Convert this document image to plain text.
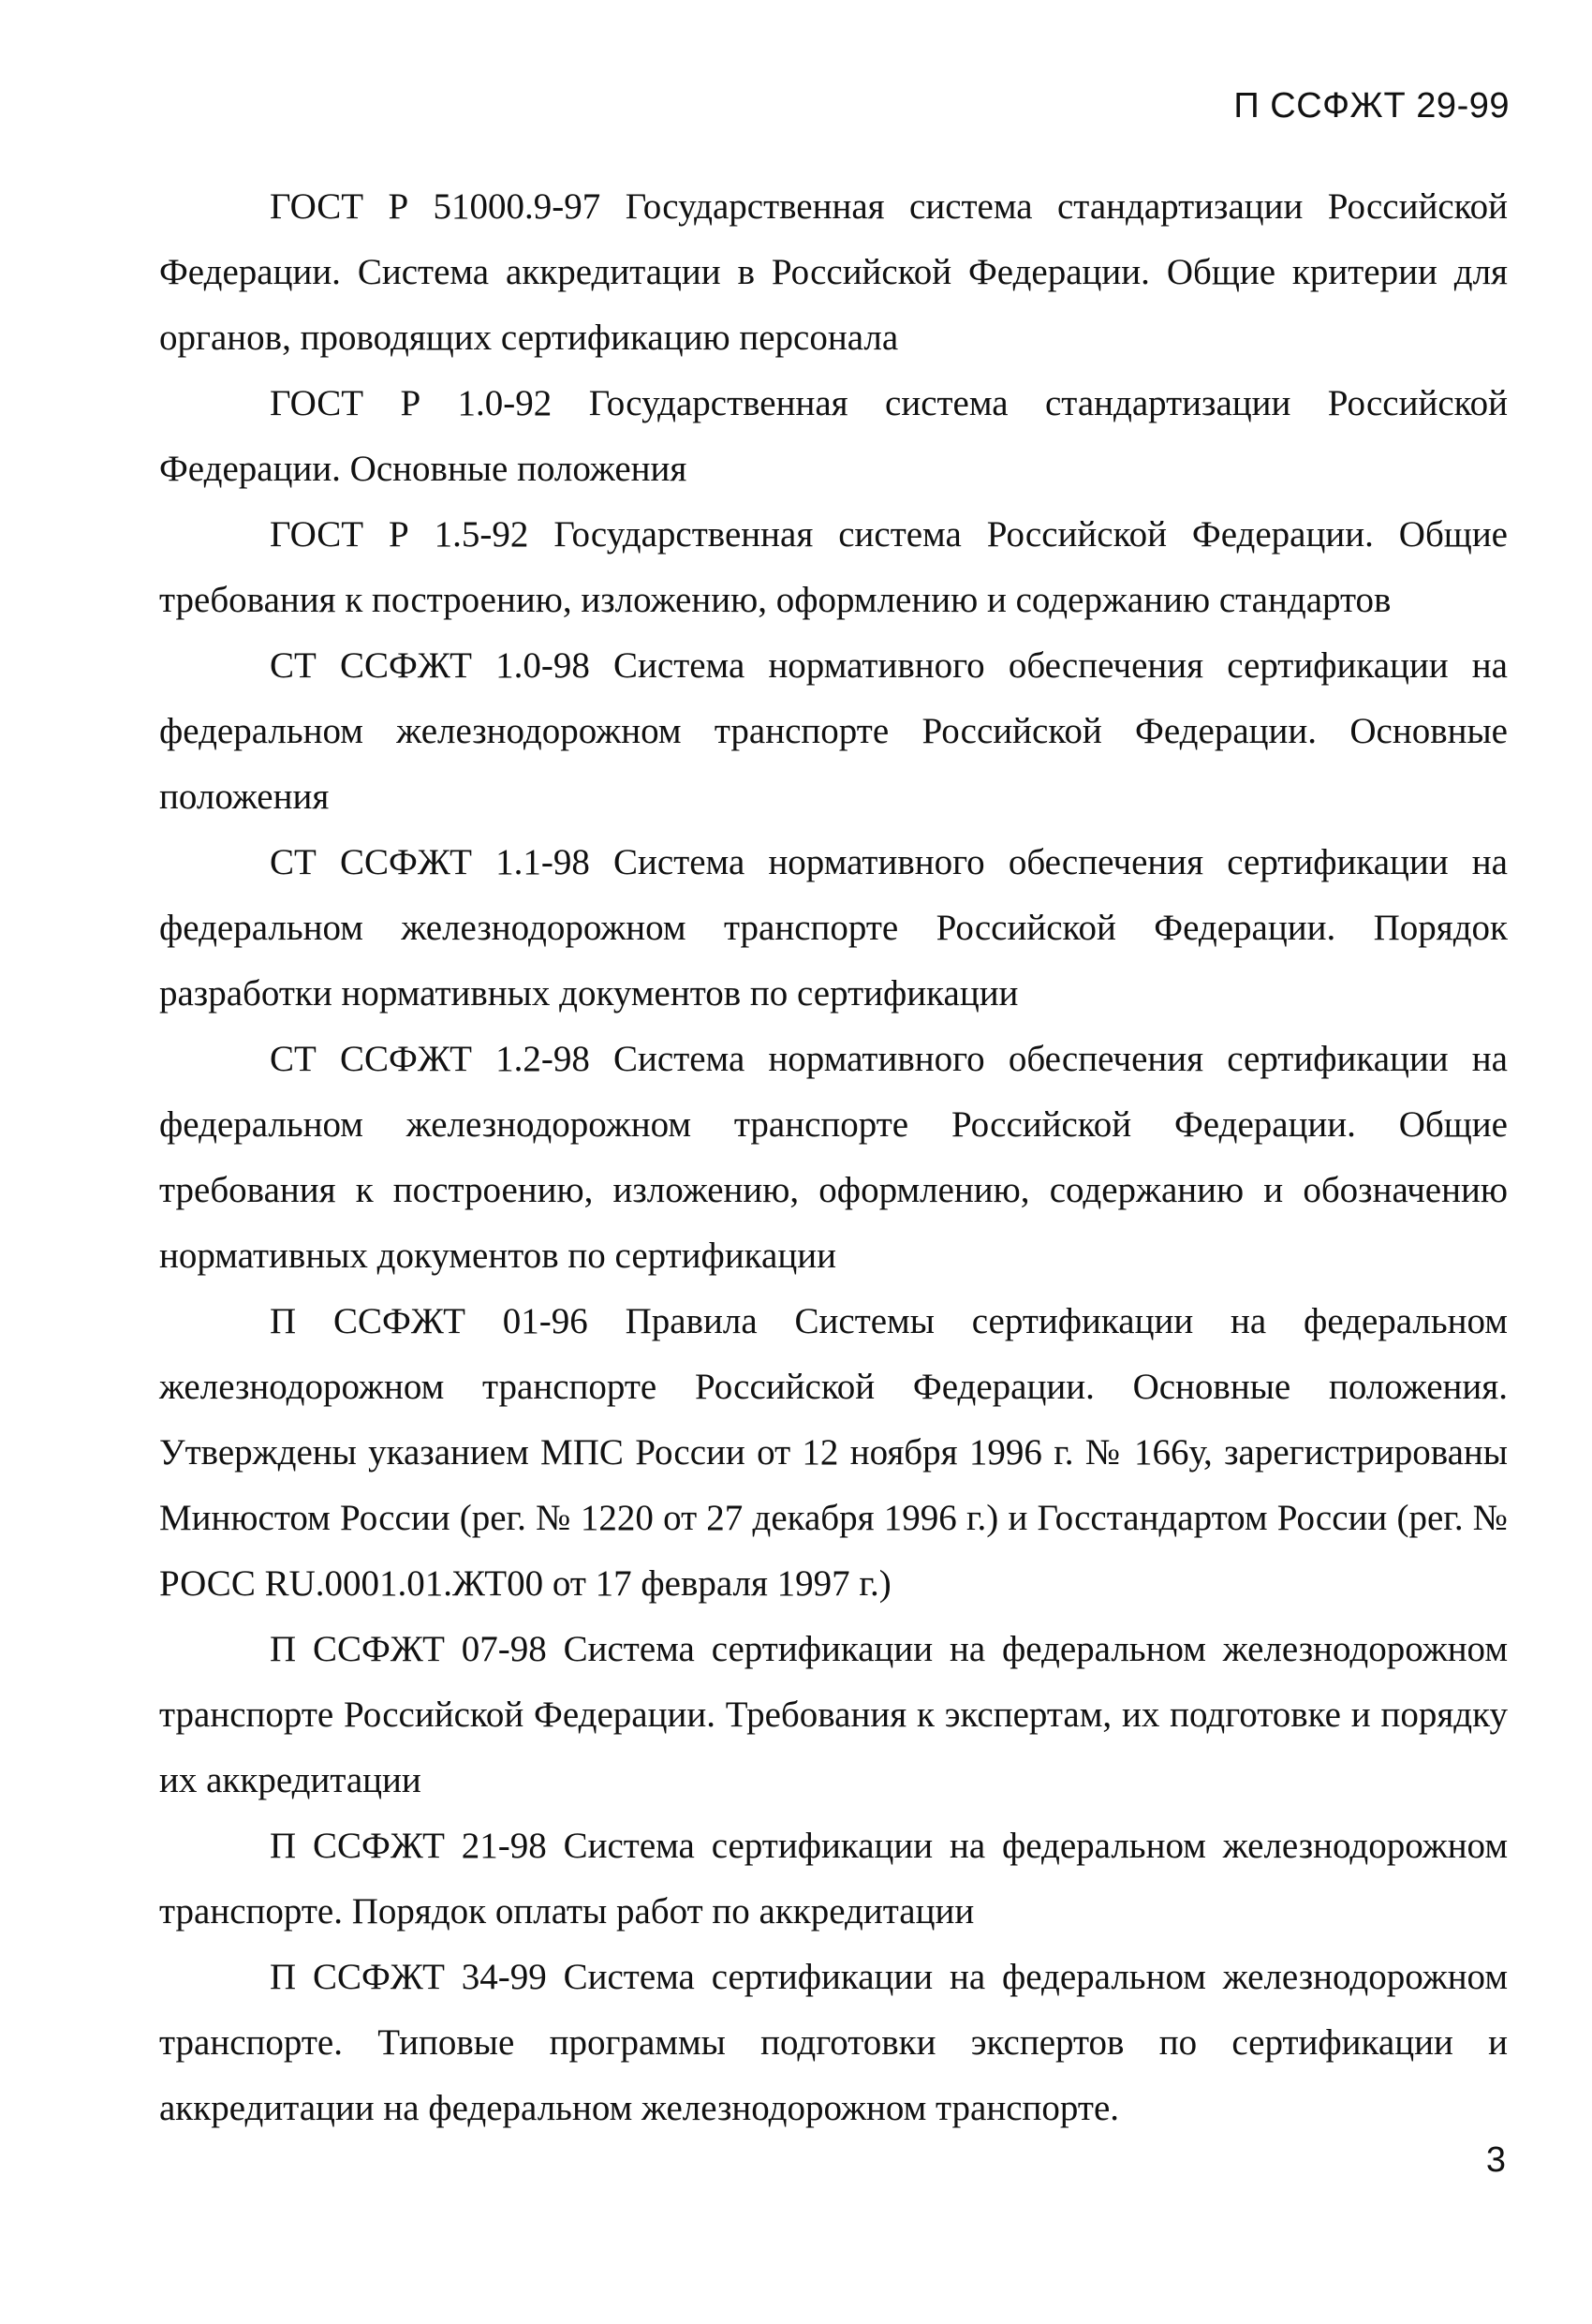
П ССФЖТ 29-99

ГОСТ Р 51000.9-97 Государственная система стандартизации Российской Федерации. Система аккредитации в Российской Федерации. Общие критерии для органов, проводящих сертификацию персонала

ГОСТ Р 1.0-92 Государственная система стандартизации Российской Федерации. Основные положения

ГОСТ Р 1.5-92 Государственная система Российской Федерации. Общие требования к построению, изложению, оформлению и содержанию стандартов

СТ ССФЖТ 1.0-98 Система нормативного обеспечения сертификации на федеральном железнодорожном транспорте Российской Федерации. Основные положения

СТ ССФЖТ 1.1-98 Система нормативного обеспечения сертификации на федеральном железнодорожном транспорте Российской Федерации. Порядок разработки нормативных документов по сертификации

СТ ССФЖТ 1.2-98 Система нормативного обеспечения сертификации на федеральном железнодорожном транспорте Российской Федерации. Общие требования к построению, изложению, оформлению, содержанию и обозначению нормативных документов по сертификации

П ССФЖТ 01-96 Правила Системы сертификации на федеральном железнодорожном транспорте Российской Федерации. Основные положения. Утверждены указанием МПС России от 12 ноября 1996 г. № 166у, зарегистрированы Минюстом России (рег. № 1220 от 27 декабря 1996 г.) и Госстандартом России (рег. № РОСС RU.0001.01.ЖТ00 от 17 февраля 1997 г.)

П ССФЖТ 07-98 Система сертификации на федеральном железнодорожном транспорте Российской Федерации. Требования к экспертам, их подготовке и порядку их аккредитации

П ССФЖТ 21-98 Система сертификации на федеральном железнодорожном транспорте. Порядок оплаты работ по аккредитации

П ССФЖТ 34-99 Система сертификации на федеральном железнодорожном транспорте. Типовые программы подготовки экспертов по сертификации и аккредитации на федеральном железнодорожном транспорте.

3
